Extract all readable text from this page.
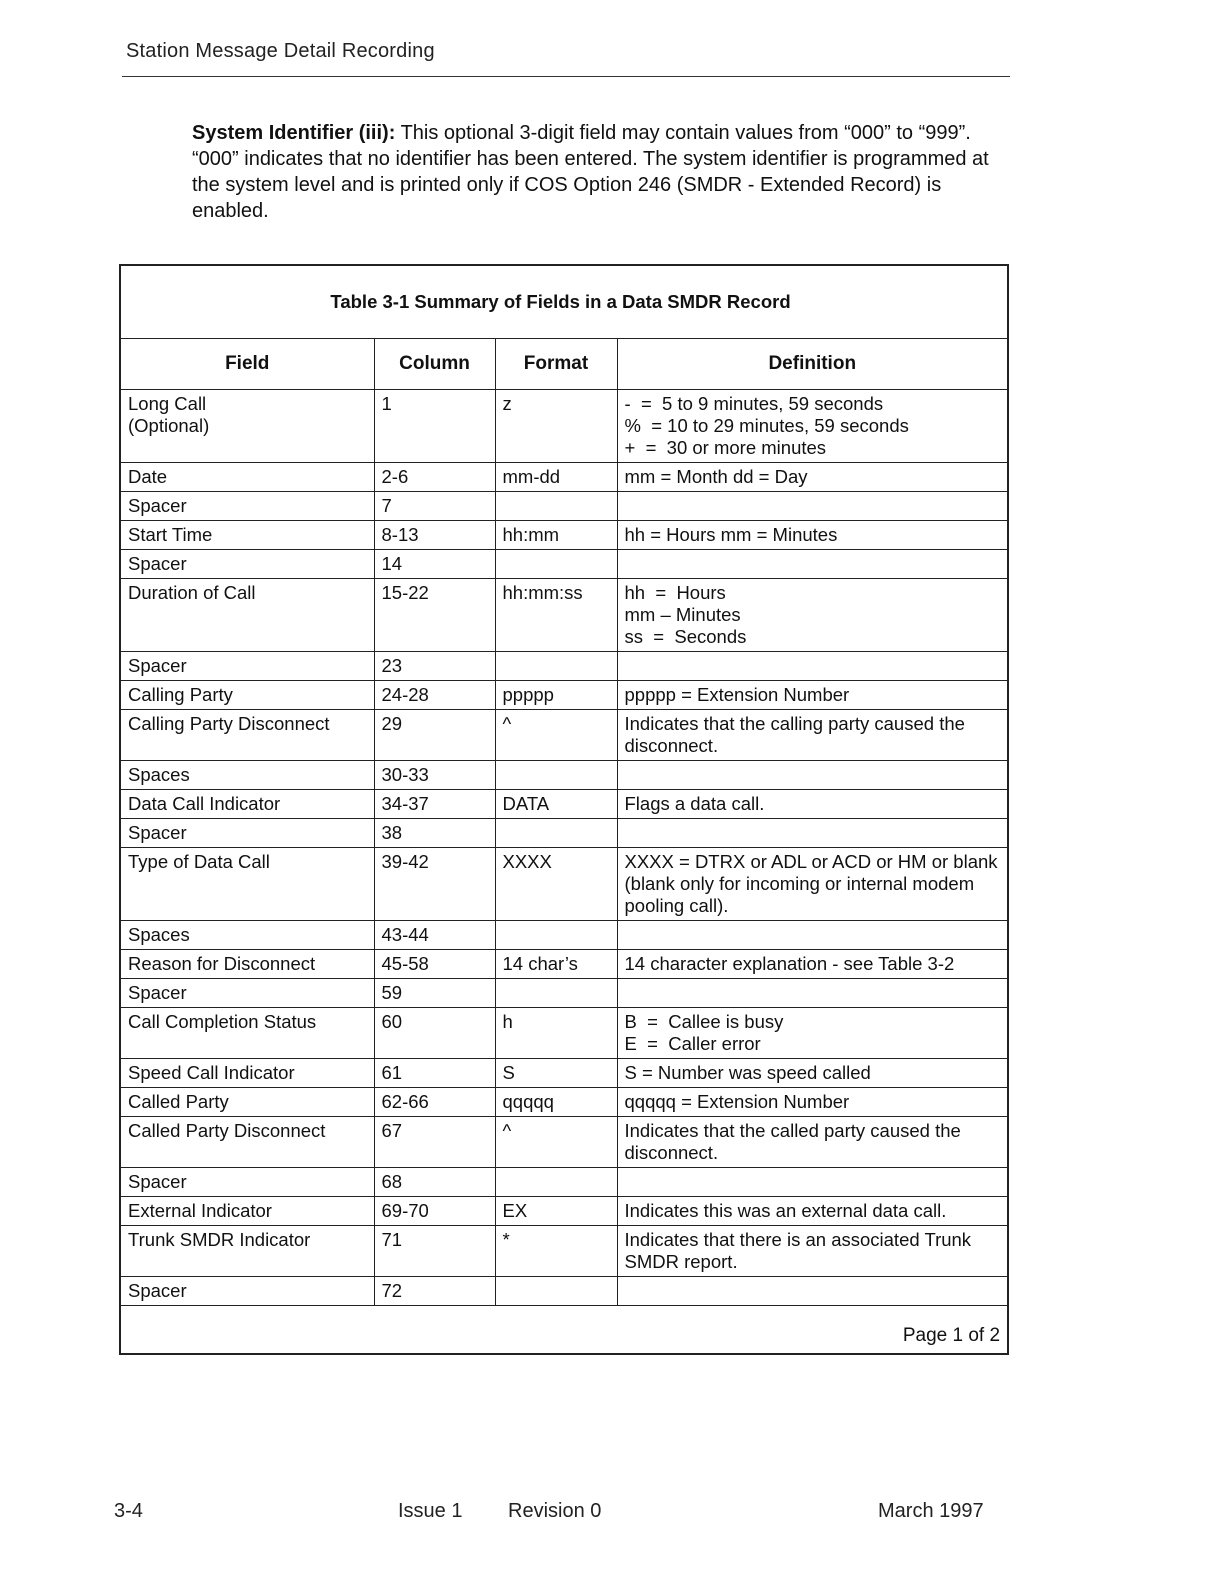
Station Message Detail Recording
System Identifier (iii): This optional 3-digit field may contain values from “000” to “999”. “000” indicates that no identifier has been entered. The system identifier is programmed at the system level and is printed only if COS Option 246 (SMDR - Extended Record) is enabled.
Table 3-1 Summary of Fields in a Data SMDR Record			
Field	Column	Format	Definition

Long Call
(Optional)	1	z	-  =  5 to 9 minutes, 59 seconds
%  = 10 to 29 minutes, 59 seconds
+  =  30 or more minutes

Date	2-6	mm-dd	mm = Month dd = Day
Spacer	7		
Start Time	8-13	hh:mm	hh = Hours mm = Minutes
Spacer	14		
Duration of Call	15-22	hh:mm:ss	hh  =  Hours
mm – Minutes
ss  =  Seconds

Spacer	23		
Calling Party	24-28	ppppp	ppppp = Extension Number
Calling Party Disconnect	29	^	Indicates that the calling party caused the disconnect.
Spaces	30-33		
Data Call Indicator	34-37	DATA	Flags a data call.
Spacer	38		
Type of Data Call	39-42	XXXX	XXXX = DTRX or ADL or ACD or HM or blank (blank only for incoming or internal modem pooling call).
Spaces	43-44		
Reason for Disconnect	45-58	14 char’s	14 character explanation - see Table 3-2
Spacer	59		
Call Completion Status	60	h	B  =  Callee is busy
E  =  Caller error

Speed Call Indicator	61	S	S = Number was speed called
Called Party	62-66	qqqqq	qqqqq = Extension Number
Called Party Disconnect	67	^	Indicates that the called party caused the disconnect.
Spacer	68		
External Indicator	69-70	EX	Indicates this was an external data call.
Trunk SMDR Indicator	71	*	Indicates that there is an associated Trunk SMDR report.
Spacer	72		
Page 1 of 2			
3-4	Issue 1 Revision 0	March 1997
